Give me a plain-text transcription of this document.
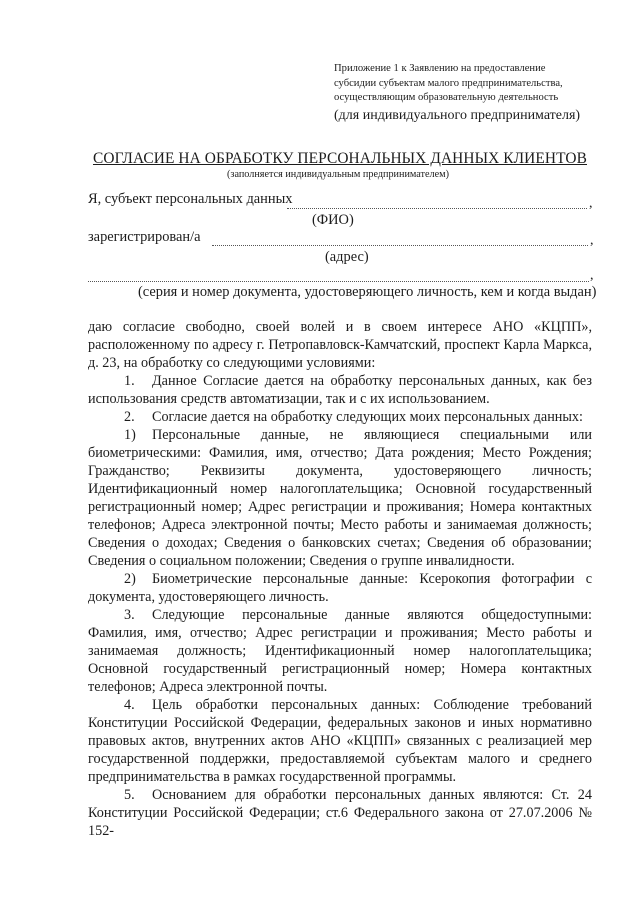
Приложение 1 к Заявлению на предоставление
субсидии субъектам малого предпринимательства,
осуществляющим образовательную деятельность
(для индивидуального предпринимателя)
СОГЛАСИЕ НА ОБРАБОТКУ ПЕРСОНАЛЬНЫХ ДАННЫХ КЛИЕНТОВ
(заполняется индивидуальным предпринимателем)
Я, субъект персональных данных	,
(ФИО)
зарегистрирован/а	,
(адрес)
,
(серия и номер документа, удостоверяющего личность, кем и когда выдан)

даю согласие свободно, своей волей и в своем интересе АНО «КЦПП», расположенному по адресу г. Петропавловск-Камчатский, проспект Карла Маркса, д. 23, на обработку со следующими условиями:

1. Данное Согласие дается на обработку персональных данных, как без использования средств автоматизации, так и с их использованием.

2. Согласие дается на обработку следующих моих персональных данных:

1) Персональные данные, не являющиеся специальными или биометрическими: Фамилия, имя, отчество; Дата рождения; Место Рождения; Гражданство; Реквизиты документа, удостоверяющего личность; Идентификационный номер налогоплательщика; Основной государственный регистрационный номер; Адрес регистрации и проживания; Номера контактных телефонов; Адреса электронной почты; Место работы и занимаемая должность; Сведения о доходах; Сведения о банковских счетах; Сведения об образовании; Сведения о социальном положении; Сведения о группе инвалидности.

2) Биометрические персональные данные: Ксерокопия фотографии с документа, удостоверяющего личность.

3. Следующие персональные данные являются общедоступными: Фамилия, имя, отчество; Адрес регистрации и проживания; Место работы и занимаемая должность; Идентификационный номер налогоплательщика; Основной государственный регистрационный номер; Номера контактных телефонов; Адреса электронной почты.

4. Цель обработки персональных данных: Соблюдение требований Конституции Российской Федерации, федеральных законов и иных нормативно правовых актов, внутренних актов АНО «КЦПП» связанных с реализацией мер государственной поддержки, предоставляемой субъектам малого и среднего предпринимательства в рамках государственной программы.

5. Основанием для обработки персональных данных являются: Ст. 24 Конституции Российской Федерации; ст.6 Федерального закона от 27.07.2006 № 152-
